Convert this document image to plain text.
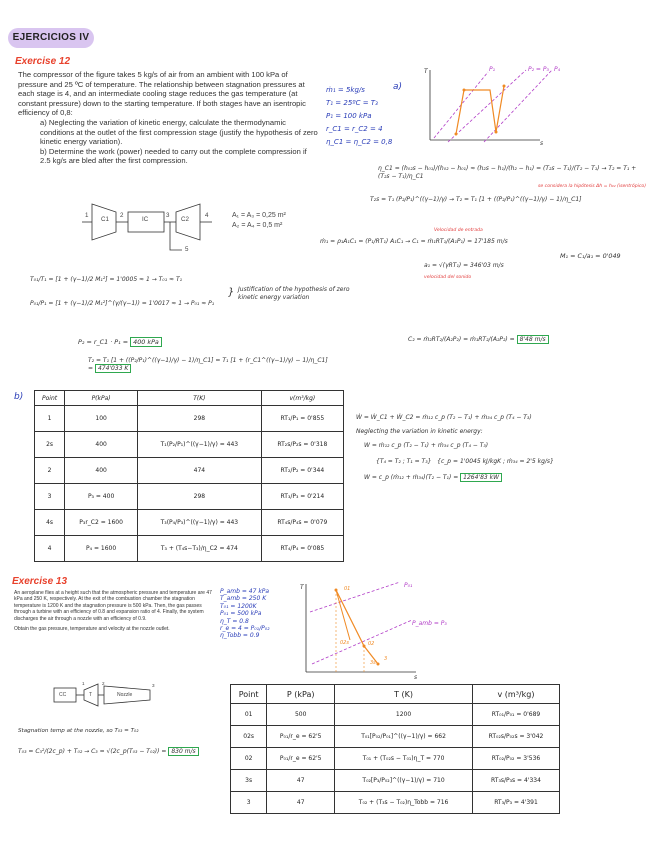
EJERCICIOS IV
Exercise 12

The compressor of the figure takes 5 kg/s of air from an ambient with 100 kPa of pressure and 25 ºC of temperature. The relationship between stagnation pressures at each stage is 4, and an intermediate cooling stage reduces the gas temperature (at constant pressure) down to the starting temperature. If both stages have an isentropic efficiency of 0,8:

a) Neglecting the variation of kinetic energy, calculate the thermodynamic conditions at the outlet of the first compression stage (justify the hypothesis of zero kinetic energy variation).

b) Determine the work (power) needed to carry out the complete compression if 2.5 kg/s are bled after the first compression.

C1	IC	C2
1	2	3	4
5
A₁ = A₃ = 0,25 m²
A₂ = A₄ = 0,5 m²
ṁ₁ = 5kg/s
T₁ = 25ºC = T₃
P₁ = 100 kPa
r_C1 = r_C2 = 4
η_C1 = η_C2 = 0,8
a)
T
s
P₁	P₂ = P₃ P₄
η_C1 = (h₀₂s − h₀₁)/(h₀₂ − h₀₁) ≈ (h₂s − h₁)/(h₂ − h₁) = (T₂s − T₁)/(T₂ − T₁) → T₂ = T₁ + (T₂s − T₁)/η_C1
se considera la hipótesis Δh = h₀₂ (isentrópico)
T₂s = T₁ (P₂/P₁)^((γ−1)/γ) → T₂ = T₁ [1 + ((P₂/P₁)^((γ−1)/γ) − 1)/η_C1]
Velocidad de entrada
ṁ₁ = ρ₁A₁C₁ = (P₁/RT₁) A₁C₁ → C₁ = ṁ₁RT₁/(A₁P₁) = 17'185 m/s
a₁ = √(γRT₁) = 346'03 m/s
M₁ = C₁/a₁ = 0'049
velocidad del sonido
T₀₁/T₁ = [1 + (γ−1)/2 M₁²] = 1'0005 ≈ 1 → T₀₁ ≈ T₁
P₀₁/P₁ = [1 + (γ−1)/2 M₁²]^(γ/(γ−1)) = 1'0017 ≈ 1 → P₀₁ ≈ P₁
} Justification of the hypothesis of zero kinetic energy variation
P₂ = r_C1 · P₁ = 400 kPa
T₂ = T₁ [1 + ((P₂/P₁)^((γ−1)/γ) − 1)/η_C1] = T₁ [1 + (r_C1^((γ−1)/γ) − 1)/η_C1] = 474'033 K
C₂ = ṁ₂RT₂/(A₂P₂) = ṁ₁RT₂/(A₂P₂) = 8'48 m/s
b)	Point	P(kPa)	T(K)	v(m³/kg)
1	100	298	RT₁/P₁ = 0'855
2s	400	T₁(P₂/P₁)^((γ−1)/γ) = 443	RT₂s/P₂s = 0'318
2	400	474	RT₂/P₂ = 0'344
3	P₃ = 400	298	RT₃/P₃ = 0'214
4s	P₃r_C2 = 1600	T₃(P₄/P₃)^((γ−1)/γ) = 443	RT₄s/P₄s = 0'079
4	P₄ = 1600	T₃ + (T₄s−T₃)/η_C2 = 474	RT₄/P₄ = 0'085
Ẇ = Ẇ_C1 + Ẇ_C2 = ṁ₁₂ c_p (T₂ − T₁) + ṁ₃₄ c_p (T₄ − T₃)
Neglecting the variation in kinetic energy:
W = ṁ₁₂ c_p (T₂ − T₁) + ṁ₃₄ c_p (T₄ − T₃)
{T₄ = T₂ ; T₁ = T₃} {c_p = 1'0045 kJ/kgK ; ṁ₃₄ = 2'5 kg/s}
W = c_p (ṁ₁₂ + ṁ₃₄)(T₂ − T₁) = 1264'83 kW
Exercise 13
An aeroplane flies at a height such that the atmospheric pressure and temperature are 47 kPa and 250 K, respectively. At the exit of the combustion chamber the stagnation temperature is 1200 K and the stagnation pressure is 500 kPa. Then, the gas passes through a turbine with an efficiency of 0.8 and expansion ratio of 4. Finally, the system discharges the air through a nozzle with an efficiency of 0.9.
Obtain the gas pressure, temperature and velocity at the nozzle outlet.
P_amb = 47 kPa
T_amb = 250 K
T₀₁ = 1200K
P₀₁ = 500 kPa
η_T = 0.8
r_e = 4 = P₀₁/P₀₂
η_Tobb = 0.9
T
s
P₀₁
P_amb = P₃
01
02s	02
3s
3
CC	T	Nozzle
1	2	3
Stagnation temp at the nozzle, so T₀₃ = T₀₂
T₀₃ = C₃²/(2c_p) + T₀₂ → C₃ = √(2c_p(T₀₃ − T₀₂)) = 830 m/s
Point	P (kPa)	T (K)	v (m³/kg)
01	500	1200	RT₀₁/P₀₁ = 0'689
02s	P₀₁/r_e = 62'5	T₀₁[P₀₂/P₀₁]^((γ−1)/γ) = 662	RT₀₂s/P₀₂s = 3'042
02	P₀₁/r_e = 62'5	T₀₁ + (T₀₂s − T₀₁)η_T = 770	RT₀₂/P₀₂ = 3'536
3s	47	T₀₂[P₃/P₀₂]^((γ−1)/γ) = 710	RT₃s/P₃s = 4'334
3	47	T₀₂ + (T₃s − T₀₂)η_Tobb = 716	RT₃/P₃ = 4'391
